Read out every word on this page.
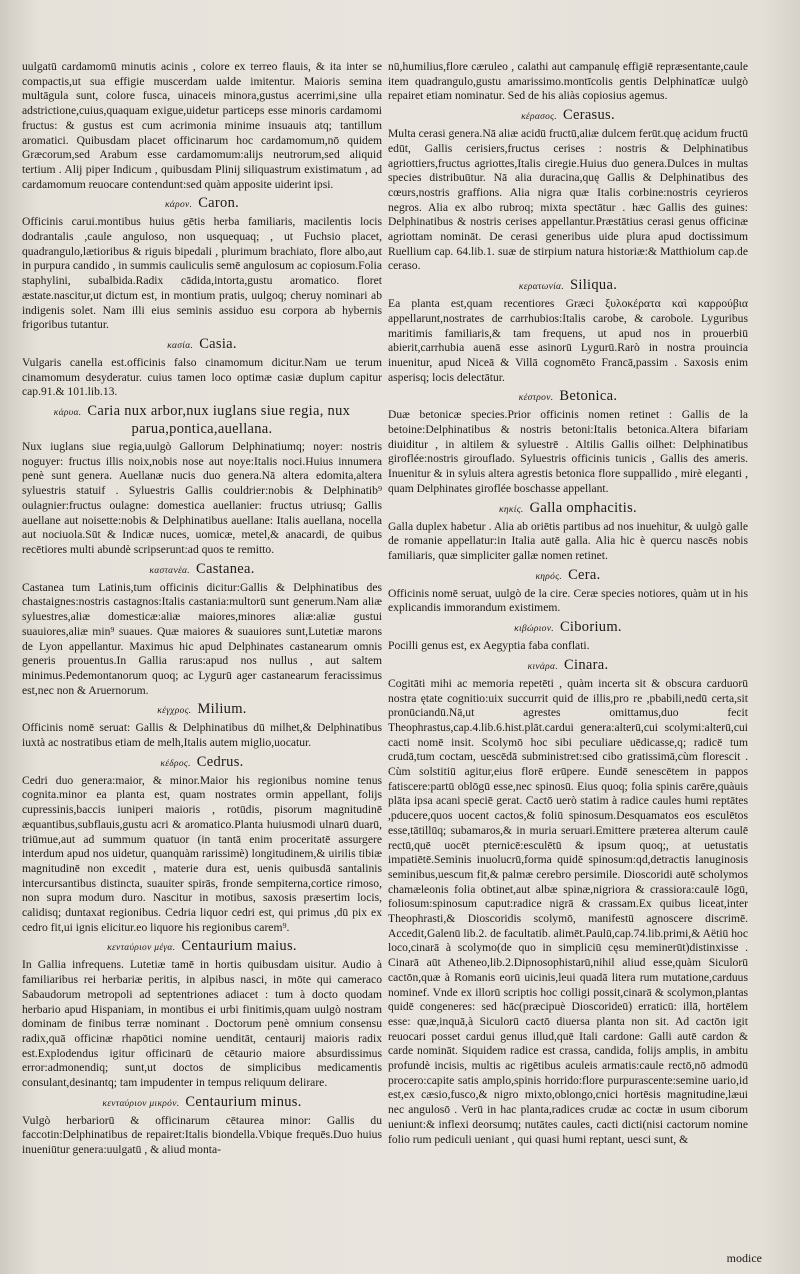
uulgatū cardamomū minutis acinis , colore ex terreo flauis, & ita inter se compactis,ut sua effigie muscerdam ualde imitentur. Maioris semina multāgula sunt, colore fusca, uinaceis minora,gustus acerrimi,sine ulla adstrictione,cuius,quaquam exigue,uidetur particeps esse minoris cardamomi fructus: & gustus est cum acrimonia minime insuauis atq; tantillum aromatici. Quibusdam placet officinarum hoc cardamomum,nō quidem Græcorum,sed Arabum esse cardamomum:alijs neutrorum,sed aliquid tertium . Alij piper Indicum , quibusdam Plinij siliquastrum existimatum , ad cardamomum reuocare contendunt:sed quàm apposite uiderint ipsi.

κάρον. Caron.

Officinis carui.montibus huius gētis herba familiaris, macilentis locis dodrantalis ,caule anguloso, non usquequaq; , ut Fuchsio placet, quadrangulo,lætioribus & riguis bipedali , plurimum brachiato, flore albo,aut in purpura candido , in summis cauliculis semē angulosum ac copiosum.Folia staphylini, subalbida.Radix cādida,intorta,gustu aromatico. floret æstate.nascitur,ut dictum est, in montium pratis, uulgoq; cheruy nominari ab indigenis solet. Nam illi eius seminis assiduo esu corpora ab hybernis frigoribus tutantur.

κασία. Casia.

Vulgaris canella est.officinis falso cinamomum dicitur.Nam ue terum cinamomum desyderatur. cuius tamen loco optimæ casiæ duplum capitur cap.91.& 101.lib.13.

κάρυα. Caria nux arbor,nux iuglans siue regia, nux parua,pontica,auellana.

Nux iuglans siue regia,uulgò Gallorum Delphinatiumq; noyer: nostris noguyer: fructus illis noix,nobis nose aut noye:Italis noci.Huius innumera penè sunt genera. Auellanæ nucis duo genera.Nā altera edomita,altera syluestris statuif . Syluestris Gallis couldrier:nobis & Delphinatib⁹ oulagnier:fructus oulagne: domestica auellanier: fructus utriusq; Gallis auellane aut noisette:nobis & Delphinatibus auellane: Italis auellana, nocella aut nociuola.Sūt & Indicæ nuces, uomicæ, metel,& anacardi, de quibus recētiores multi abundè scripserunt:ad quos te remitto.

καστανέα. Castanea.

Castanea tum Latinis,tum officinis dicitur:Gallis & Delphinatibus des chastaignes:nostris castagnos:Italis castania:multorū sunt generum.Nam aliæ syluestres,aliæ domesticæ:aliæ maiores,minores aliæ:aliæ gustui suauiores,aliæ min⁹ suaues. Quæ maiores & suauiores sunt,Lutetiæ marons de Lyon appellantur. Maximus hic apud Delphinates castanearum omnis generis prouentus.In Gallia rarus:apud nos nullus , aut saltem minimus.Pedemontanorum quoq; ac Lygurū ager castanearum feracissimus est,nec non & Aruernorum.

κέγχρος. Milium.

Officinis nomē seruat: Gallis & Delphinatibus dū milhet,& Delphinatibus iuxtà ac nostratibus etiam de melh,Italis autem miglio,uocatur.

κέδρος. Cedrus.

Cedri duo genera:maior, & minor.Maior his regionibus nomine tenus cognita.minor ea planta est, quam nostrates ormin appellant, folijs cupressinis,baccis iuniperi maioris , rotūdis, pisorum magnitudinē æquantibus,subflauis,gustu acri & aromatico.Planta huiusmodi ulnarū duarū, triūmue,aut ad summum quatuor (in tantā enim proceritatē assurgere interdum apud nos uidetur, quanquàm rarissimè) longitudinem,& uirilis tibiæ magnitudinē non excedit , materie dura est, uenis quibusdā santalinis intercursantibus distincta, suauiter spirās, fronde sempiterna,cortice rimoso, non supra modum duro. Nascitur in motibus, saxosis præsertim locis, calidisq; duntaxat regionibus. Cedria liquor cedri est, qui primus ,dū pix ex cedro fit,ui ignis elicitur.eo liquore his regionibus carem⁹.

κενταύριον μέγα. Centaurium maius.

In Gallia infrequens. Lutetiæ tamē in hortis quibusdam uisitur. Audio à familiaribus rei herbariæ peritis, in alpibus nasci, in mōte qui cameraco Sabaudorum metropoli ad septentriones adiacet : tum à docto quodam herbario apud Hispaniam, in montibus ei urbi finitimis,quam uulgò nostram dominam de finibus terræ nominant . Doctorum penè omnium consensu radix,quā officinæ rhapōtici nomine uenditāt, centaurij maioris radix est.Explodendus igitur officinarū de cētaurio maiore absurdissimus error:admonendiq; sunt,ut doctos de simplicibus medicamentis consulant,desinantq; tam impudenter in tempus reliquum delirare.

κενταύριον μικρόν. Centaurium minus.

Vulgò herbariorū & officinarum cētaurea minor: Gallis du faccotin:Delphinatibus de repairet:Italis biondella.Vbique frequēs.Duo huius inueniūtur genera:uulgatū , & aliud monta-

nū,humilius,flore cæruleo , calathi aut campanulę effigiē repræsentante,caule item quadrangulo,gustu amarissimo.montīcolis gentis Delphinatīcæ uulgò repairet etiam nominatur. Sed de his aliàs copiosius agemus.

κέρασος. Cerasus.

Multa cerasi genera.Nā aliæ acidū fructū,aliæ dulcem ferūt.quę acidum fructū edūt, Gallis cerisiers,fructus cerises : nostris & Delphinatibus agriottiers,fructus agriottes,Italis ciregie.Huius duo genera.Dulces in multas species distribuūtur. Nā alia duracina,quę Gallis & Delphinatibus des cœurs,nostris graffions. Alia nigra quæ Italis corbine:nostris ceyrieros negros. Alia ex albo rubroq; mixta spectātur . hæc Gallis des guines: Delphinatibus & nostris cerises appellantur.Præstātius cerasi genus officinæ agriottam nomināt. De cerasi generibus uide plura apud doctissimum Ruellium cap. 64.lib.1. suæ de stirpium natura historiæ:& Matthiolum cap.de ceraso.

κερατωνία. Siliqua.

Ea planta est,quam recentiores Græci ξυλοκέρατα καὶ καρρούβια appellarunt,nostrates de carrhubios:Italis carobe, & carobole. Lyguribus maritimis familiaris,& tam frequens, ut apud nos in prouerbiū abierit,carrhubia auenā esse asinorū Lygurū.Rarò in nostra prouincia inuenitur, apud Niceā & Villā cognomēto Francā,passim . Saxosis enim asperisq; locis delectātur.

κέστρον. Betonica.

Duæ betonicæ species.Prior officinis nomen retinet : Gallis de la betoine:Delphinatibus & nostris betoni:Italis betonica.Altera bifariam diuiditur , in altilem & syluestrē . Altilis Gallis oilhet: Delphinatibus giroflée:nostris girouflado. Syluestris officinis tunicis , Gallis des ameris. Inuenitur & in syluis altera agrestis betonica flore suppallido , mirè eleganti , quam Delphinates giroflée boschasse appellant.

κηκίς. Galla omphacitis.

Galla duplex habetur . Alia ab oriētis partibus ad nos inuehitur, & uulgò galle de romanie appellatur:in Italia autē galla. Alia hic è quercu nascēs nobis familiaris, quæ simpliciter gallæ nomen retinet.

κηρός. Cera.

Officinis nomē seruat, uulgò de la cire. Ceræ species notiores, quàm ut in his explicandis immorandum existimem.

κιβώριον. Ciborium.

Pocilli genus est, ex Aegyptia faba conflati.

κινάρα. Cinara.

Cogitāti mihi ac memoria repetēti , quàm incerta sit & obscura carduorū nostra ętate cognitio:uix succurrit quid de illis,pro re ,pbabili,nedū certa,sit pronūciandū.Nā,ut agrestes omittamus,duo fecit Theophrastus,cap.4.lib.6.hist.plāt.cardui genera:alterū,cui scolymi:alterū,cui cacti nomē insit. Scolymō hoc sibi peculiare uēdicasse,q; radicē tum crudā,tum coctam, uescēdā subministret:sed cibo gratissimā,cùm florescit . Cùm solstitiū agitur,eius florē erūpere. Eundē senescētem in pappos fatiscere:partū oblōgū esse,nec spinosū. Eius quoq; folia spinis carēre,quàuis plāta ipsa acani speciē gerat. Cactō uerò statim à radice caules humi reptātes ,pducere,quos uocent cactos,& foliū spinosum.Desquamatos eos esculētos esse,tātillūq; subamaros,& in muria seruari.Emittere præterea alterum caulē rectū,quē uocēt pternicē:esculētū & ipsum quoq;, at uetustatis impatiētē.Seminis inuolucrū,forma quidē spinosum:qd,detractis lanuginosis seminibus,uescum fit,& palmæ cerebro persimile. Dioscoridi autē scholymos chamæleonis folia obtinet,aut albæ spinæ,nigriora & crassiora:caulē lōgū, foliosum:spinosum caput:radice nigrā & crassam.Ex quibus liceat,inter Theophrasti,& Dioscoridis scolymō, manifestū agnoscere discrimē. Accedit,Galenū lib.2. de facultatib. alimēt.Paulū,cap.74.lib.primi,& Aëtiū hoc loco,cinarā à scolymo(de quo in simpliciū cęsu meminerūt)distinxisse . Cinarā aūt Atheneo,lib.2.Dipnosophistarū,nihil aliud esse,quàm Siculorū cactōn,quæ à Romanis eorū uicinis,leui quadā litera rum mutatione,carduus nominef. Vnde ex illorū scriptis hoc colligi possit,cinarā & scolymon,plantas quidē congeneres: sed hāc(præcipuè Dioscorideū) erraticū: illā, hortēlem esse: quæ,inquā,à Siculorū cactō diuersa planta non sit. Ad cactōn igit reuocari posset cardui genus illud,quē Itali cardone: Galli autē cardon & carde nomināt. Siquidem radice est crassa, candida, folijs amplis, in ambitu profundè incisis, multis ac rigētibus aculeis armatis:caule rectō,nō admodū procero:capite satis amplo,spinis horrido:flore purpurascente:semine uario,id est,ex cæsio,fusco,& nigro mixto,oblongo,cnici hortēsis magnitudine,læui nec angulosō . Verū in hac planta,radices crudæ ac coctæ in usum ciborum ueniunt:& inflexi deorsumq; nutātes caules, cacti dicti(nisi cactorum nomine folio rum pediculi ueniant , qui quasi humi reptant, uesci sunt, &

modice
